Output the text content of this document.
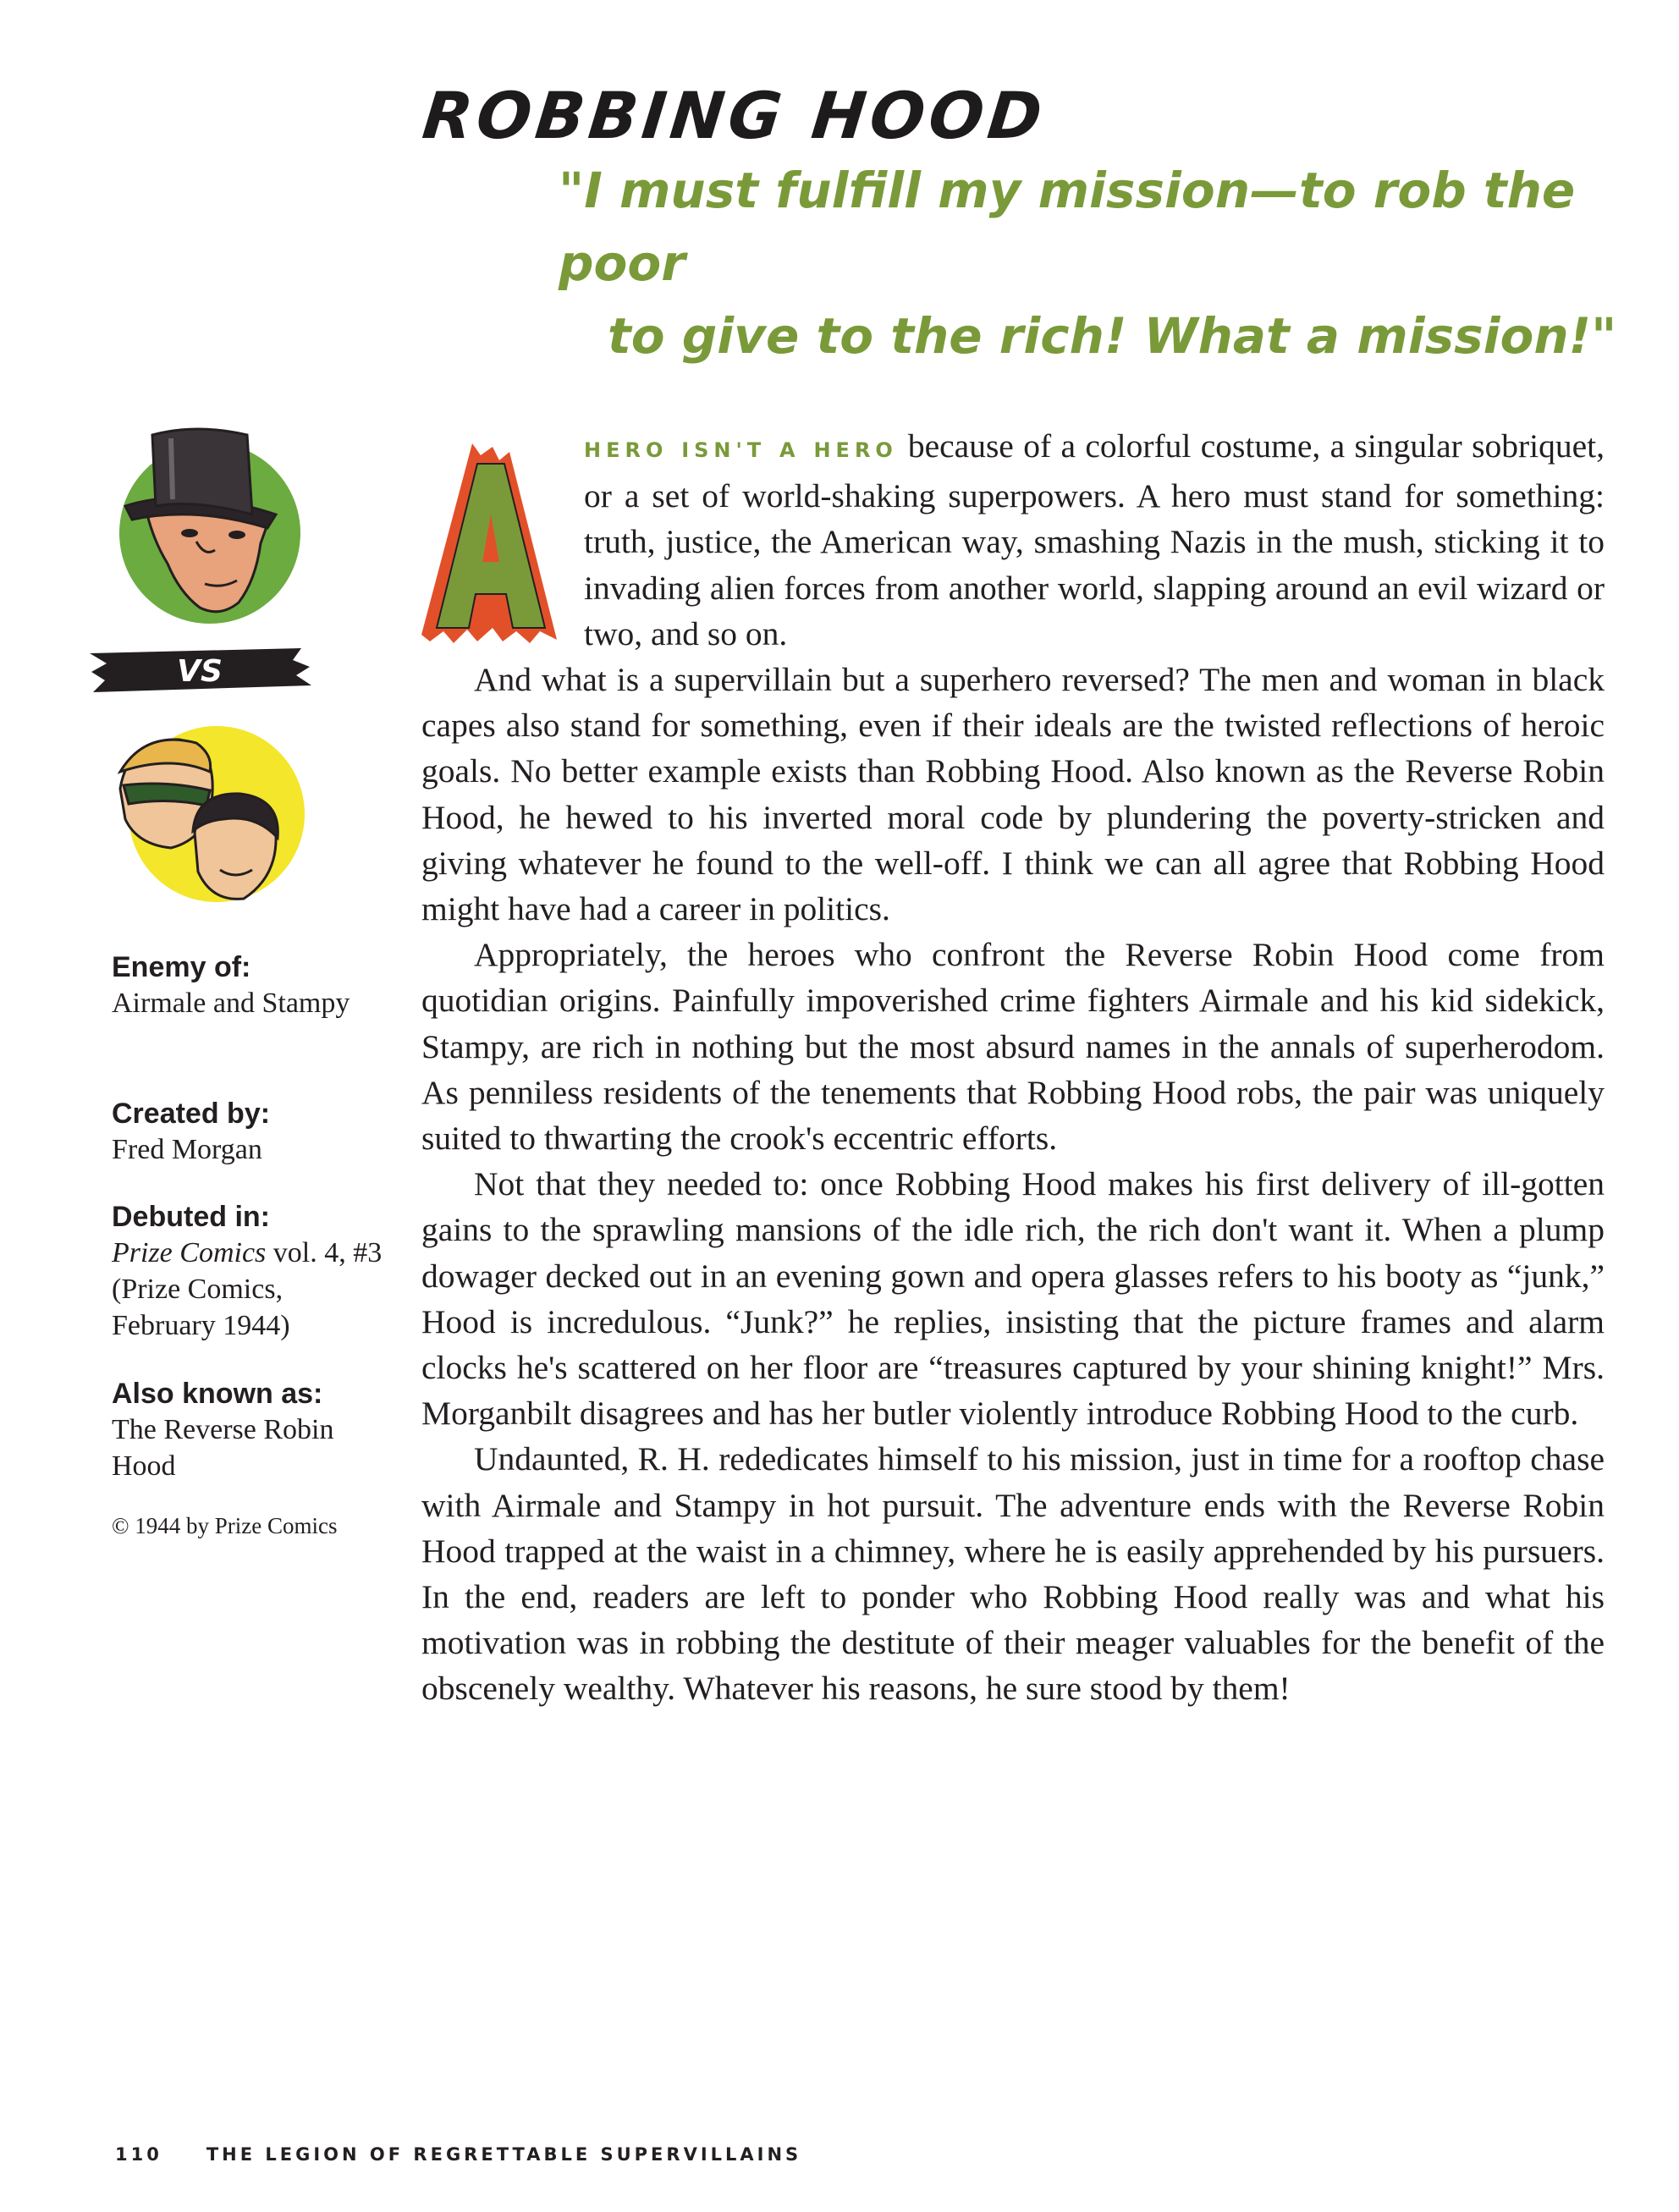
ROBBING HOOD

"I must fulfill my mission—to rob the poor
to give to the rich! What a mission!"

VS

Enemy of:

Airmale and Stampy

Created by:

Fred Morgan

Debuted in:

Prize Comics vol. 4, #3 (Prize Comics, February 1944)

Also known as:

The Reverse Robin Hood

© 1944 by Prize Comics
A

HERO ISN'T A HERO because of a colorful costume, a singular sobriquet, or a set of world-shaking superpowers. A hero must stand for something: truth, justice, the American way, smashing Nazis in the mush, sticking it to invading alien forces from another world, slapping around an evil wizard or two, and so on.

And what is a supervillain but a superhero reversed? The men and woman in black capes also stand for something, even if their ideals are the twisted reflections of heroic goals. No better example exists than Robbing Hood. Also known as the Reverse Robin Hood, he hewed to his inverted moral code by plundering the poverty-stricken and giving whatever he found to the well-off. I think we can all agree that Robbing Hood might have had a career in politics.

Appropriately, the heroes who confront the Reverse Robin Hood come from quotidian origins. Painfully impoverished crime fighters Airmale and his kid sidekick, Stampy, are rich in nothing but the most absurd names in the annals of superherodom. As penniless residents of the tenements that Robbing Hood robs, the pair was uniquely suited to thwarting the crook's eccentric efforts.

Not that they needed to: once Robbing Hood makes his first delivery of ill-gotten gains to the sprawling mansions of the idle rich, the rich don't want it. When a plump dowager decked out in an evening gown and opera glasses refers to his booty as “junk,” Hood is incredulous. “Junk?” he replies, insisting that the picture frames and alarm clocks he's scattered on her floor are “treasures captured by your shining knight!” Mrs. Morganbilt disagrees and has her butler violently introduce Robbing Hood to the curb.

Undaunted, R. H. rededicates himself to his mission, just in time for a rooftop chase with Airmale and Stampy in hot pursuit. The adventure ends with the Reverse Robin Hood trapped at the waist in a chimney, where he is easily apprehended by his pursuers. In the end, readers are left to ponder who Robbing Hood really was and what his motivation was in robbing the destitute of their meager valuables for the benefit of the obscenely wealthy. Whatever his reasons, he sure stood by them!

110 THE LEGION OF REGRETTABLE SUPERVILLAINS
